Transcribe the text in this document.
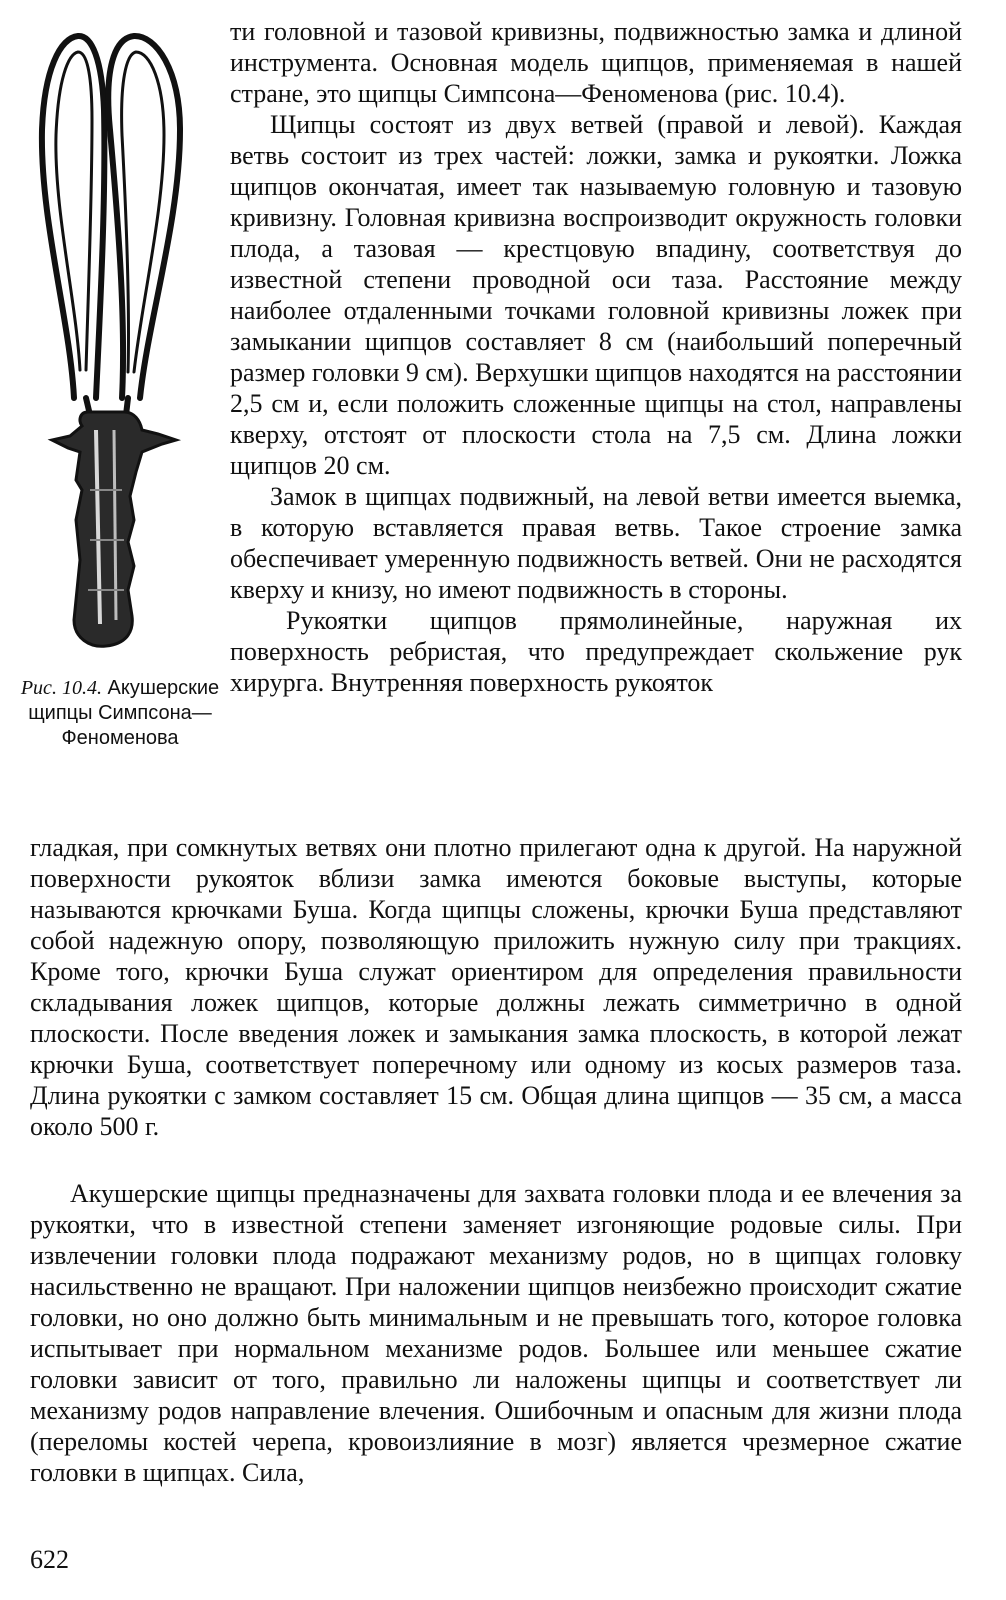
Рис. 10.4. Акушерские щипцы Симпсона—Феноменова

ти головной и тазовой кривизны, подвижностью замка и длиной инструмента. Основная модель щипцов, применяемая в нашей стране, это щипцы Симпсона—Феноменова (рис. 10.4).

Щипцы состоят из двух ветвей (правой и левой). Каждая ветвь состоит из трех частей: ложки, замка и рукоятки. Ложка щипцов окончатая, имеет так называемую головную и тазовую кривизну. Головная кривизна воспроизводит окружность головки плода, а тазовая — крестцовую впадину, соответствуя до известной степени проводной оси таза. Расстояние между наиболее отдаленными точками головной кривизны ложек при замыкании щипцов составляет 8 см (наибольший поперечный размер головки 9 см). Верхушки щипцов находятся на расстоянии 2,5 см и, если положить сложенные щипцы на стол, направлены кверху, отстоят от плоскости стола на 7,5 см. Длина ложки щипцов 20 см.

Замок в щипцах подвижный, на левой ветви имеется выемка, в которую вставляется правая ветвь. Такое строение замка обеспечивает умеренную подвижность ветвей. Они не расходятся кверху и книзу, но имеют подвижность в стороны.

Рукоятки щипцов прямолинейные, наружная их поверхность ребристая, что предупреждает скольжение рук хирурга. Внутренняя поверхность рукояток

гладкая, при сомкнутых ветвях они плотно прилегают одна к другой. На наружной поверхности рукояток вблизи замка имеются боковые выступы, которые называются крючками Буша. Когда щипцы сложены, крючки Буша представляют собой надежную опору, позволяющую приложить нужную силу при тракциях. Кроме того, крючки Буша служат ориентиром для определения правильности складывания ложек щипцов, которые должны лежать симметрично в одной плоскости. После введения ложек и замыкания замка плоскость, в которой лежат крючки Буша, соответствует поперечному или одному из косых размеров таза. Длина рукоятки с замком составляет 15 см. Общая длина щипцов — 35 см, а масса около 500 г.

Акушерские щипцы предназначены для захвата головки плода и ее влечения за рукоятки, что в известной степени заменяет изгоняющие родовые силы. При извлечении головки плода подражают механизму родов, но в щипцах головку насильственно не вращают. При наложении щипцов неизбежно происходит сжатие головки, но оно должно быть минимальным и не превышать того, которое головка испытывает при нормальном механизме родов. Большее или меньшее сжатие головки зависит от того, правильно ли наложены щипцы и соответствует ли механизму родов направление влечения. Ошибочным и опасным для жизни плода (переломы костей черепа, кровоизлияние в мозг) является чрезмерное сжатие головки в щипцах. Сила,

622
